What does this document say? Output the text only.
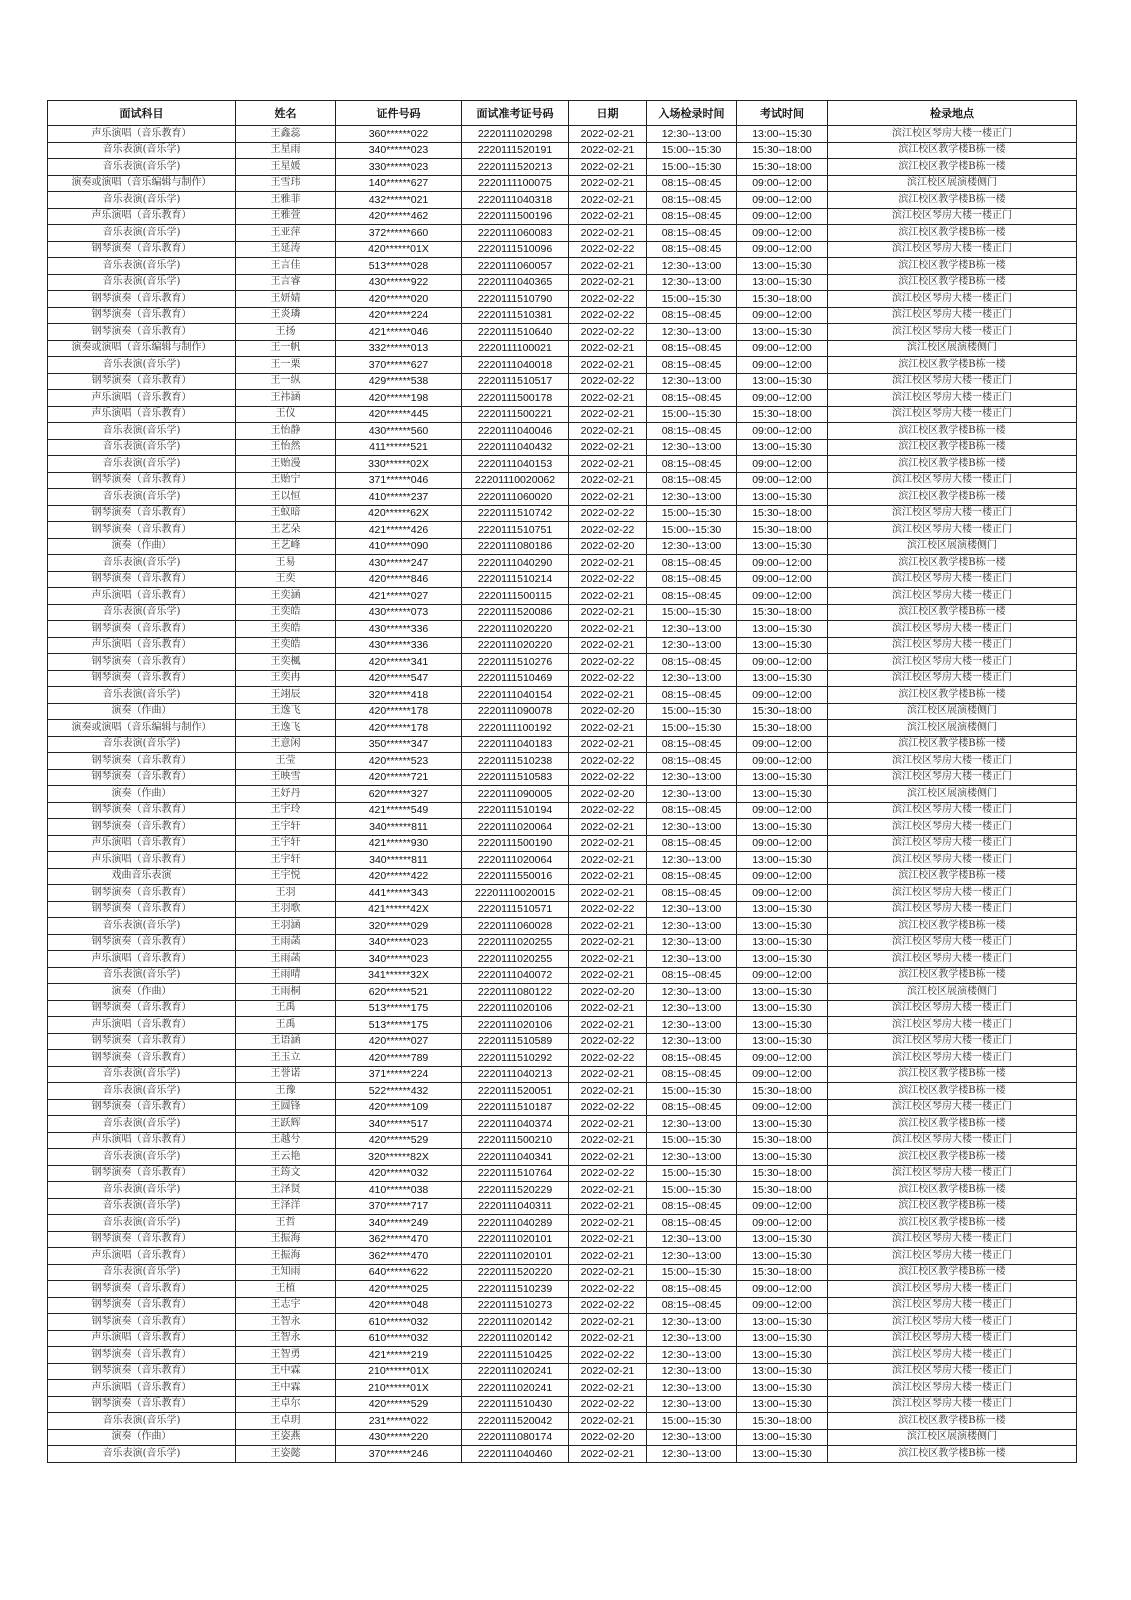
面试科目	姓名	证件号码	面试准考证号码	日期	入场检录时间	考试时间	检录地点
声乐演唱（音乐教育）	王鑫蕊	360******022	2220111020298	2022-02-21	12:30--13:00	13:00--15:30	滨江校区琴房大楼一楼正门
音乐表演(音乐学)	王星雨	340******023	2220111520191	2022-02-21	15:00--15:30	15:30--18:00	滨江校区教学楼B栋一楼
音乐表演(音乐学)	王星媛	330******023	2220111520213	2022-02-21	15:00--15:30	15:30--18:00	滨江校区教学楼B栋一楼
演奏或演唱（音乐编辑与制作）	王雪玮	140******627	2220111100075	2022-02-21	08:15--08:45	09:00--12:00	滨江校区展演楼侧门
音乐表演(音乐学)	王雅菲	432******021	2220111040318	2022-02-21	08:15--08:45	09:00--12:00	滨江校区教学楼B栋一楼
声乐演唱（音乐教育）	王雅萱	420******462	2220111500196	2022-02-21	08:15--08:45	09:00--12:00	滨江校区琴房大楼一楼正门
音乐表演(音乐学)	王亚萍	372******660	2220111060083	2022-02-21	08:15--08:45	09:00--12:00	滨江校区教学楼B栋一楼
钢琴演奏（音乐教育）	王延涛	420******01X	2220111510096	2022-02-22	08:15--08:45	09:00--12:00	滨江校区琴房大楼一楼正门
音乐表演(音乐学)	王言佳	513******028	2220111060057	2022-02-21	12:30--13:00	13:00--15:30	滨江校区教学楼B栋一楼
音乐表演(音乐学)	王言睿	430******922	2220111040365	2022-02-21	12:30--13:00	13:00--15:30	滨江校区教学楼B栋一楼
钢琴演奏（音乐教育）	王妍婧	420******020	2220111510790	2022-02-22	15:00--15:30	15:30--18:00	滨江校区琴房大楼一楼正门
钢琴演奏（音乐教育）	王炎璘	420******224	2220111510381	2022-02-22	08:15--08:45	09:00--12:00	滨江校区琴房大楼一楼正门
钢琴演奏（音乐教育）	王扬	421******046	2220111510640	2022-02-22	12:30--13:00	13:00--15:30	滨江校区琴房大楼一楼正门
演奏或演唱（音乐编辑与制作）	王一帆	332******013	2220111100021	2022-02-21	08:15--08:45	09:00--12:00	滨江校区展演楼侧门
音乐表演(音乐学)	王一栗	370******627	2220111040018	2022-02-21	08:15--08:45	09:00--12:00	滨江校区教学楼B栋一楼
钢琴演奏（音乐教育）	王一纵	429******538	2220111510517	2022-02-22	12:30--13:00	13:00--15:30	滨江校区琴房大楼一楼正门
声乐演唱（音乐教育）	王祎涵	420******198	2220111500178	2022-02-21	08:15--08:45	09:00--12:00	滨江校区琴房大楼一楼正门
声乐演唱（音乐教育）	王仪	420******445	2220111500221	2022-02-21	15:00--15:30	15:30--18:00	滨江校区琴房大楼一楼正门
音乐表演(音乐学)	王怡静	430******560	2220111040046	2022-02-21	08:15--08:45	09:00--12:00	滨江校区教学楼B栋一楼
音乐表演(音乐学)	王怡然	411******521	2220111040432	2022-02-21	12:30--13:00	13:00--15:30	滨江校区教学楼B栋一楼
音乐表演(音乐学)	王贻漫	330******02X	2220111040153	2022-02-21	08:15--08:45	09:00--12:00	滨江校区教学楼B栋一楼
钢琴演奏（音乐教育）	王贻宁	371******046	22201110020062	2022-02-21	08:15--08:45	09:00--12:00	滨江校区琴房大楼一楼正门
音乐表演(音乐学)	王以恒	410******237	2220111060020	2022-02-21	12:30--13:00	13:00--15:30	滨江校区教学楼B栋一楼
钢琴演奏（音乐教育）	王蚁暗	420******62X	2220111510742	2022-02-22	15:00--15:30	15:30--18:00	滨江校区琴房大楼一楼正门
钢琴演奏（音乐教育）	王艺朵	421******426	2220111510751	2022-02-22	15:00--15:30	15:30--18:00	滨江校区琴房大楼一楼正门
演奏（作曲）	王艺峰	410******090	2220111080186	2022-02-20	12:30--13:00	13:00--15:30	滨江校区展演楼侧门
音乐表演(音乐学)	王易	430******247	2220111040290	2022-02-21	08:15--08:45	09:00--12:00	滨江校区教学楼B栋一楼
钢琴演奏（音乐教育）	王奕	420******846	2220111510214	2022-02-22	08:15--08:45	09:00--12:00	滨江校区琴房大楼一楼正门
声乐演唱（音乐教育）	王奕涵	421******027	2220111500115	2022-02-21	08:15--08:45	09:00--12:00	滨江校区琴房大楼一楼正门
音乐表演(音乐学)	王奕皓	430******073	2220111520086	2022-02-21	15:00--15:30	15:30--18:00	滨江校区教学楼B栋一楼
钢琴演奏（音乐教育）	王奕皓	430******336	2220111020220	2022-02-21	12:30--13:00	13:00--15:30	滨江校区琴房大楼一楼正门
声乐演唱（音乐教育）	王奕皓	430******336	2220111020220	2022-02-21	12:30--13:00	13:00--15:30	滨江校区琴房大楼一楼正门
钢琴演奏（音乐教育）	王奕楓	420******341	2220111510276	2022-02-22	08:15--08:45	09:00--12:00	滨江校区琴房大楼一楼正门
钢琴演奏（音乐教育）	王奕冉	420******547	2220111510469	2022-02-22	12:30--13:00	13:00--15:30	滨江校区琴房大楼一楼正门
音乐表演(音乐学)	王翊辰	320******418	2220111040154	2022-02-21	08:15--08:45	09:00--12:00	滨江校区教学楼B栋一楼
演奏（作曲）	王逸飞	420******178	2220111090078	2022-02-20	15:00--15:30	15:30--18:00	滨江校区展演楼侧门
演奏或演唱（音乐编辑与制作）	王逸飞	420******178	2220111100192	2022-02-21	15:00--15:30	15:30--18:00	滨江校区展演楼侧门
音乐表演(音乐学)	王意闲	350******347	2220111040183	2022-02-21	08:15--08:45	09:00--12:00	滨江校区教学楼B栋一楼
钢琴演奏（音乐教育）	王莹	420******523	2220111510238	2022-02-22	08:15--08:45	09:00--12:00	滨江校区琴房大楼一楼正门
钢琴演奏（音乐教育）	王映雪	420******721	2220111510583	2022-02-22	12:30--13:00	13:00--15:30	滨江校区琴房大楼一楼正门
演奏（作曲）	王妤丹	620******327	2220111090005	2022-02-20	12:30--13:00	13:00--15:30	滨江校区展演楼侧门
钢琴演奏（音乐教育）	王宇玲	421******549	2220111510194	2022-02-22	08:15--08:45	09:00--12:00	滨江校区琴房大楼一楼正门
钢琴演奏（音乐教育）	王宇轩	340******811	2220111020064	2022-02-21	12:30--13:00	13:00--15:30	滨江校区琴房大楼一楼正门
声乐演唱（音乐教育）	王宇轩	421******930	2220111500190	2022-02-21	08:15--08:45	09:00--12:00	滨江校区琴房大楼一楼正门
声乐演唱（音乐教育）	王宇轩	340******811	2220111020064	2022-02-21	12:30--13:00	13:00--15:30	滨江校区琴房大楼一楼正门
戏曲音乐表演	王宇悦	420******422	2220111550016	2022-02-21	08:15--08:45	09:00--12:00	滨江校区教学楼B栋一楼
钢琴演奏（音乐教育）	王羽	441******343	22201110020015	2022-02-21	08:15--08:45	09:00--12:00	滨江校区琴房大楼一楼正门
钢琴演奏（音乐教育）	王羽歌	421******42X	2220111510571	2022-02-22	12:30--13:00	13:00--15:30	滨江校区琴房大楼一楼正门
音乐表演(音乐学)	王羽涵	320******029	2220111060028	2022-02-21	12:30--13:00	13:00--15:30	滨江校区教学楼B栋一楼
钢琴演奏（音乐教育）	王雨菡	340******023	2220111020255	2022-02-21	12:30--13:00	13:00--15:30	滨江校区琴房大楼一楼正门
声乐演唱（音乐教育）	王雨菡	340******023	2220111020255	2022-02-21	12:30--13:00	13:00--15:30	滨江校区琴房大楼一楼正门
音乐表演(音乐学)	王雨晴	341******32X	2220111040072	2022-02-21	08:15--08:45	09:00--12:00	滨江校区教学楼B栋一楼
演奏（作曲）	王雨桐	620******521	2220111080122	2022-02-20	12:30--13:00	13:00--15:30	滨江校区展演楼侧门
钢琴演奏（音乐教育）	王禹	513******175	2220111020106	2022-02-21	12:30--13:00	13:00--15:30	滨江校区琴房大楼一楼正门
声乐演唱（音乐教育）	王禹	513******175	2220111020106	2022-02-21	12:30--13:00	13:00--15:30	滨江校区琴房大楼一楼正门
钢琴演奏（音乐教育）	王语涵	420******027	2220111510589	2022-02-22	12:30--13:00	13:00--15:30	滨江校区琴房大楼一楼正门
钢琴演奏（音乐教育）	王玉立	420******789	2220111510292	2022-02-22	08:15--08:45	09:00--12:00	滨江校区琴房大楼一楼正门
音乐表演(音乐学)	王誉诺	371******224	2220111040213	2022-02-21	08:15--08:45	09:00--12:00	滨江校区教学楼B栋一楼
音乐表演(音乐学)	王豫	522******432	2220111520051	2022-02-21	15:00--15:30	15:30--18:00	滨江校区教学楼B栋一楼
钢琴演奏（音乐教育）	王圆锋	420******109	2220111510187	2022-02-22	08:15--08:45	09:00--12:00	滨江校区琴房大楼一楼正门
音乐表演(音乐学)	王跃辉	340******517	2220111040374	2022-02-21	12:30--13:00	13:00--15:30	滨江校区教学楼B栋一楼
声乐演唱（音乐教育）	王越兮	420******529	2220111500210	2022-02-21	15:00--15:30	15:30--18:00	滨江校区琴房大楼一楼正门
音乐表演(音乐学)	王云艳	320******82X	2220111040341	2022-02-21	12:30--13:00	13:00--15:30	滨江校区教学楼B栋一楼
钢琴演奏（音乐教育）	王筠文	420******032	2220111510764	2022-02-22	15:00--15:30	15:30--18:00	滨江校区琴房大楼一楼正门
音乐表演(音乐学)	王泽贤	410******038	2220111520229	2022-02-21	15:00--15:30	15:30--18:00	滨江校区教学楼B栋一楼
音乐表演(音乐学)	王泽洋	370******717	2220111040311	2022-02-21	08:15--08:45	09:00--12:00	滨江校区教学楼B栋一楼
音乐表演(音乐学)	王哲	340******249	2220111040289	2022-02-21	08:15--08:45	09:00--12:00	滨江校区教学楼B栋一楼
钢琴演奏（音乐教育）	王振海	362******470	2220111020101	2022-02-21	12:30--13:00	13:00--15:30	滨江校区琴房大楼一楼正门
声乐演唱（音乐教育）	王振海	362******470	2220111020101	2022-02-21	12:30--13:00	13:00--15:30	滨江校区琴房大楼一楼正门
音乐表演(音乐学)	王知雨	640******622	2220111520220	2022-02-21	15:00--15:30	15:30--18:00	滨江校区教学楼B栋一楼
钢琴演奏（音乐教育）	王植	420******025	2220111510239	2022-02-22	08:15--08:45	09:00--12:00	滨江校区琴房大楼一楼正门
钢琴演奏（音乐教育）	王志宇	420******048	2220111510273	2022-02-22	08:15--08:45	09:00--12:00	滨江校区琴房大楼一楼正门
钢琴演奏（音乐教育）	王智永	610******032	2220111020142	2022-02-21	12:30--13:00	13:00--15:30	滨江校区琴房大楼一楼正门
声乐演唱（音乐教育）	王智永	610******032	2220111020142	2022-02-21	12:30--13:00	13:00--15:30	滨江校区琴房大楼一楼正门
钢琴演奏（音乐教育）	王智勇	421******219	2220111510425	2022-02-22	12:30--13:00	13:00--15:30	滨江校区琴房大楼一楼正门
钢琴演奏（音乐教育）	王中霖	210******01X	2220111020241	2022-02-21	12:30--13:00	13:00--15:30	滨江校区琴房大楼一楼正门
声乐演唱（音乐教育）	王中霖	210******01X	2220111020241	2022-02-21	12:30--13:00	13:00--15:30	滨江校区琴房大楼一楼正门
钢琴演奏（音乐教育）	王卓尔	420******529	2220111510430	2022-02-22	12:30--13:00	13:00--15:30	滨江校区琴房大楼一楼正门
音乐表演(音乐学)	王卓玥	231******022	2220111520042	2022-02-21	15:00--15:30	15:30--18:00	滨江校区教学楼B栋一楼
演奏（作曲）	王姿燕	430******220	2220111080174	2022-02-20	12:30--13:00	13:00--15:30	滨江校区展演楼侧门
音乐表演(音乐学)	王姿懿	370******246	2220111040460	2022-02-21	12:30--13:00	13:00--15:30	滨江校区教学楼B栋一楼
